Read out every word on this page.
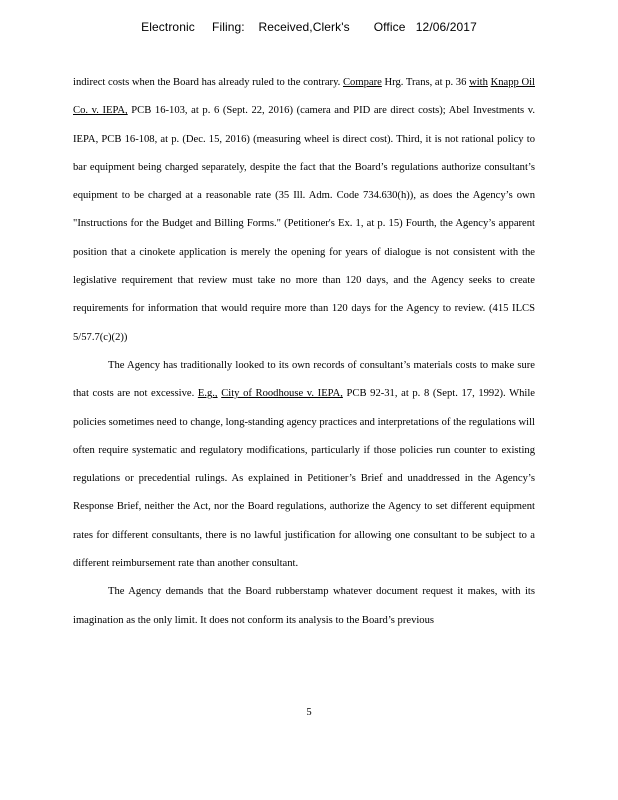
Electronic     Filing:    Received,Clerk's       Office   12/06/2017

indirect costs when the Board has already ruled to the contrary. Compare Hrg. Trans, at p. 36 with Knapp Oil Co. v. IEPA, PCB 16-103, at p. 6 (Sept. 22, 2016) (camera and PID are direct costs); Abel Investments v. IEPA, PCB 16-108, at p. (Dec. 15, 2016) (measuring wheel is direct cost). Third, it is not rational policy to bar equipment being charged separately, despite the fact that the Board’s regulations authorize consultant’s equipment to be charged at a reasonable rate (35 Ill. Adm. Code 734.630(h)), as does the Agency’s own "Instructions for the Budget and Billing Forms." (Petitioner's Ex. 1, at p. 15) Fourth, the Agency’s apparent position that a cinokete application is merely the opening for years of dialogue is not consistent with the legislative requirement that review must take no more than 120 days, and the Agency seeks to create requirements for information that would require more than 120 days for the Agency to review. (415 ILCS 5/57.7(c)(2))

The Agency has traditionally looked to its own records of consultant’s materials costs to make sure that costs are not excessive. E.g., City of Roodhouse v. IEPA, PCB 92-31, at p. 8 (Sept. 17, 1992). While policies sometimes need to change, long-standing agency practices and interpretations of the regulations will often require systematic and regulatory modifications, particularly if those policies run counter to existing regulations or precedential rulings. As explained in Petitioner’s Brief and unaddressed in the Agency’s Response Brief, neither the Act, nor the Board regulations, authorize the Agency to set different equipment rates for different consultants, there is no lawful justification for allowing one consultant to be subject to a different reimbursement rate than another consultant.

The Agency demands that the Board rubberstamp whatever document request it makes, with its imagination as the only limit. It does not conform its analysis to the Board’s previous

5
